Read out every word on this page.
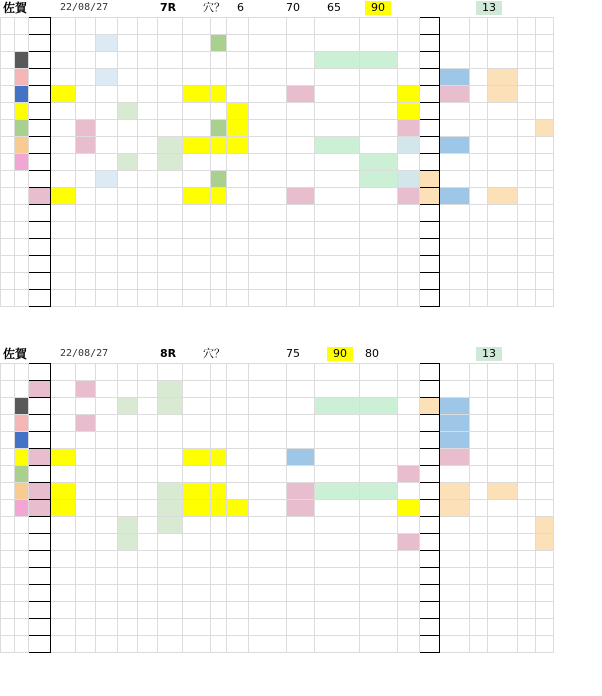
佐賀	22/08/27	7R 穴？ 6	70 65	90	13

佐賀	22/08/27	8R 穴？	75	90	80	13
